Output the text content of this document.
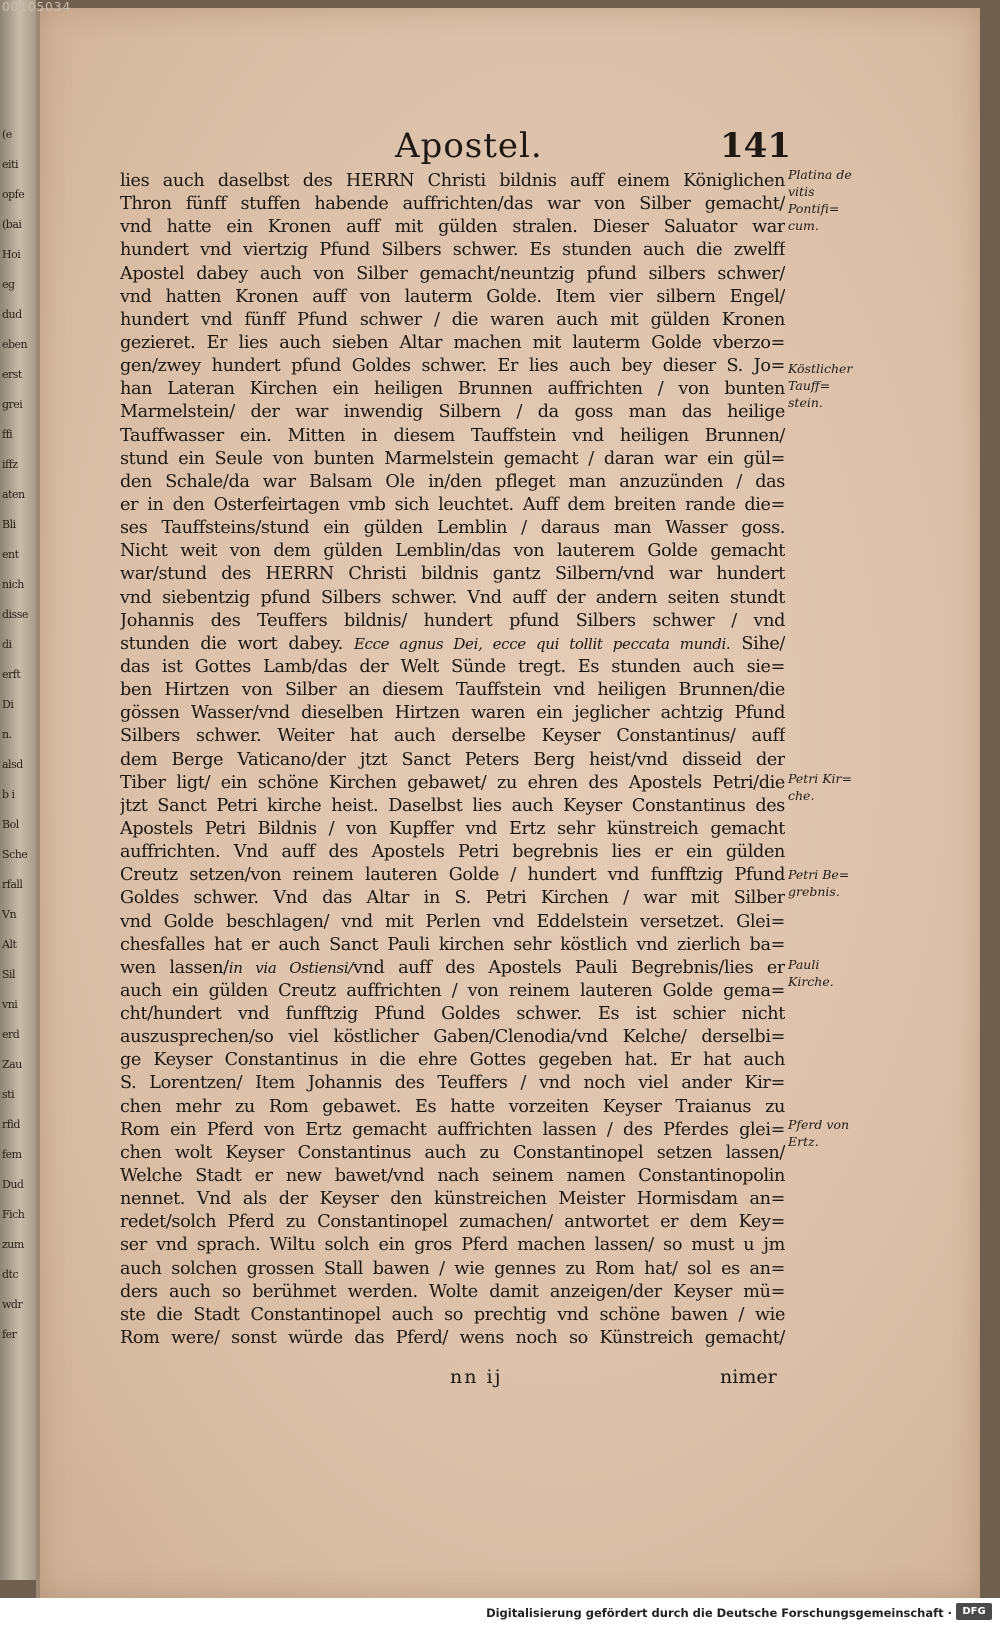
(e
eiti
opfe
(bai
Hoi
eg
dud
eben
erst
grei
ffi
iffz
aten
Bli
ent
nich
disse
di
erft
Di
n.
alsd
b i
Bol
Sche
rfall
Vn
Alt
Sil
vni
erd
Zau
sti
rfid
fem
Dud
Fich
zum
dtc
wdr
fer
Apostel.	141
lies auch daselbst des HERRN Christi bildnis auff einem Königlichen
Thron fünff stuffen habende auffrichten/das war von Silber gemacht/
vnd hatte ein Kronen auff mit gülden stralen. Dieser Saluator war
hundert vnd viertzig Pfund Silbers schwer. Es stunden auch die zwelff
Apostel dabey auch von Silber gemacht/neuntzig pfund silbers schwer/
vnd hatten Kronen auff von lauterm Golde. Item vier silbern Engel/
hundert vnd fünff Pfund schwer / die waren auch mit gülden Kronen
gezieret. Er lies auch sieben Altar machen mit lauterm Golde vberzo=
gen/zwey hundert pfund Goldes schwer. Er lies auch bey dieser S. Jo=
han Lateran Kirchen ein heiligen Brunnen auffrichten / von bunten
Marmelstein/ der war inwendig Silbern / da goss man das heilige
Tauffwasser ein. Mitten in diesem Tauffstein vnd heiligen Brunnen/
stund ein Seule von bunten Marmelstein gemacht / daran war ein gül=
den Schale/da war Balsam Ole in/den pfleget man anzuzünden / das
er in den Osterfeirtagen vmb sich leuchtet. Auff dem breiten rande die=
ses Tauffsteins/stund ein gülden Lemblin / daraus man Wasser goss.
Nicht weit von dem gülden Lemblin/das von lauterem Golde gemacht
war/stund des HERRN Christi bildnis gantz Silbern/vnd war hundert
vnd siebentzig pfund Silbers schwer. Vnd auff der andern seiten stundt
Johannis des Teuffers bildnis/ hundert pfund Silbers schwer / vnd
stunden die wort dabey. Ecce agnus Dei, ecce qui tollit peccata mundi. Sihe/
das ist Gottes Lamb/das der Welt Sünde tregt. Es stunden auch sie=
ben Hirtzen von Silber an diesem Tauffstein vnd heiligen Brunnen/die
gössen Wasser/vnd dieselben Hirtzen waren ein jeglicher achtzig Pfund
Silbers schwer. Weiter hat auch derselbe Keyser Constantinus/ auff
dem Berge Vaticano/der jtzt Sanct Peters Berg heist/vnd disseid der
Tiber ligt/ ein schöne Kirchen gebawet/ zu ehren des Apostels Petri/die
jtzt Sanct Petri kirche heist. Daselbst lies auch Keyser Constantinus des
Apostels Petri Bildnis / von Kupffer vnd Ertz sehr künstreich gemacht
auffrichten. Vnd auff des Apostels Petri begrebnis lies er ein gülden
Creutz setzen/von reinem lauteren Golde / hundert vnd funfftzig Pfund
Goldes schwer. Vnd das Altar in S. Petri Kirchen / war mit Silber
vnd Golde beschlagen/ vnd mit Perlen vnd Eddelstein versetzet. Glei=
chesfalles hat er auch Sanct Pauli kirchen sehr köstlich vnd zierlich ba=
wen lassen/in via Ostiensi/vnd auff des Apostels Pauli Begrebnis/lies er
auch ein gülden Creutz auffrichten / von reinem lauteren Golde gema=
cht/hundert vnd funfftzig Pfund Goldes schwer. Es ist schier nicht
auszusprechen/so viel köstlicher Gaben/Clenodia/vnd Kelche/ derselbi=
ge Keyser Constantinus in die ehre Gottes gegeben hat. Er hat auch
S. Lorentzen/ Item Johannis des Teuffers / vnd noch viel ander Kir=
chen mehr zu Rom gebawet. Es hatte vorzeiten Keyser Traianus zu
Rom ein Pferd von Ertz gemacht auffrichten lassen / des Pferdes glei=
chen wolt Keyser Constantinus auch zu Constantinopel setzen lassen/
Welche Stadt er new bawet/vnd nach seinem namen Constantinopolin
nennet. Vnd als der Keyser den künstreichen Meister Hormisdam an=
redet/solch Pferd zu Constantinopel zumachen/ antwortet er dem Key=
ser vnd sprach. Wiltu solch ein gros Pferd machen lassen/ so must u jm
auch solchen grossen Stall bawen / wie gennes zu Rom hat/ sol es an=
ders auch so berühmet werden. Wolte damit anzeigen/der Keyser mü=
ste die Stadt Constantinopel auch so prechtig vnd schöne bawen / wie
Rom were/ sonst würde das Pferd/ wens noch so Künstreich gemacht/
Platina de vitis Pontifi= cum.
Köstlicher Tauff= stein.
Petri Kir= che.
Petri Be= grebnis.
Pauli Kirche.
Pferd von Ertz.
nn ij	nimer
00105034
Digitalisierung gefördert durch die Deutsche Forschungsgemeinschaft ·	DFG
